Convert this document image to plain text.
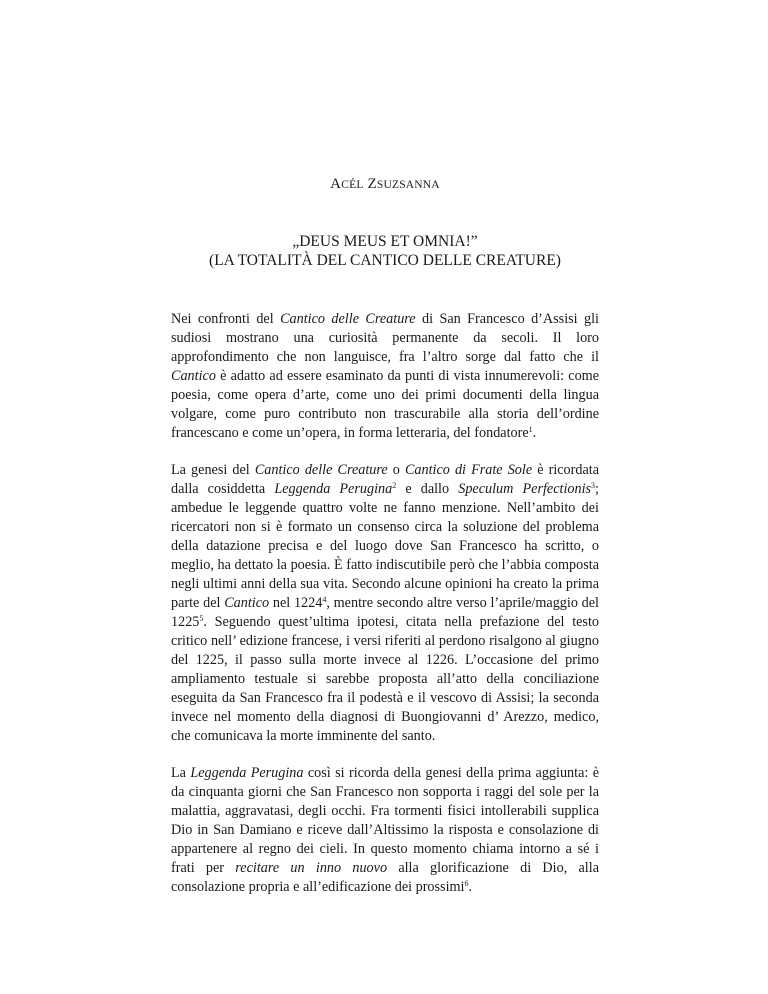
ACÉL ZSUZSANNA
„DEUS MEUS ET OMNIA!”
(LA TOTALITÀ DEL CANTICO DELLE CREATURE)

Nei confronti del Cantico delle Creature di San Francesco d’Assisi gli sudiosi mostrano una curiosità permanente da secoli. Il loro approfondimento che non languisce, fra l’altro sorge dal fatto che il Cantico è adatto ad essere esaminato da punti di vista innumerevoli: come poesia, come opera d’arte, come uno dei primi documenti della lingua volgare, come puro contributo non trascurabile alla storia dell’ordine francescano e come un’opera, in forma letteraria, del fondatore$^1$.

La genesi del Cantico delle Creature o Cantico di Frate Sole è ricordata dalla cosiddetta Leggenda Perugina$^2$ e dallo Speculum Perfectionis$^3$; ambedue le leggende quattro volte ne fanno menzione. Nell’ambito dei ricercatori non si è formato un consenso circa la soluzione del problema della datazione precisa e del luogo dove San Francesco ha scritto, o meglio, ha dettato la poesia. È fatto indiscutibile però che l’abbia composta negli ultimi anni della sua vita. Secondo alcune opinioni ha creato la prima parte del Cantico nel 1224$^4$, mentre secondo altre verso l’aprile/maggio del 1225$^5$. Seguendo quest’ultima ipotesi, citata nella prefazione del testo critico nell’ edizione francese, i versi riferiti al perdono risalgono al giugno del 1225, il passo sulla morte invece al 1226. L’occasione del primo ampliamento testuale si sarebbe proposta all’atto della conciliazione eseguita da San Francesco fra il podestà e il vescovo di Assisi; la seconda invece nel momento della diagnosi di Buongiovanni d’ Arezzo, medico, che comunicava la morte imminente del santo.

La Leggenda Perugina così si ricorda della genesi della prima aggiunta: è da cinquanta giorni che San Francesco non sopporta i raggi del sole per la malattia, aggravatasi, degli occhi. Fra tormenti fisici intollerabili supplica Dio in San Damiano e riceve dall’Altissimo la risposta e consolazione di appartenere al regno dei cieli. In questo momento chiama intorno a sé i frati per recitare un inno nuovo alla glorificazione di Dio, alla consolazione propria e all’edificazione dei prossimi$^6$.
